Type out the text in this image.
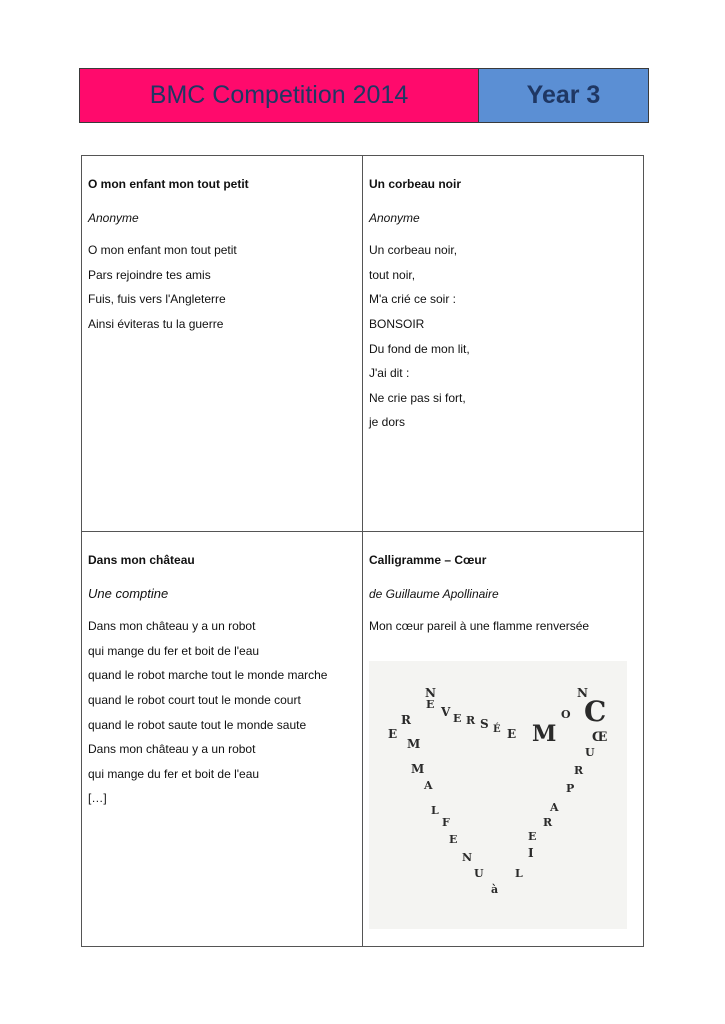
BMC Competition 2014	Year 3

O mon enfant mon tout petit

Anonyme

O mon enfant mon tout petit

Pars rejoindre tes amis

Fuis, fuis vers l'Angleterre

Ainsi éviteras tu la guerre

Un corbeau noir

Anonyme

Un corbeau noir,

tout noir,

M'a crié ce soir :

BONSOIR

Du fond de mon lit,

J'ai dit :

Ne crie pas si fort,

je dors

Dans mon château

Une comptine

Dans mon château y a un robot

qui mange du fer et boit de l'eau

quand le robot marche tout le monde marche

quand le robot court tout le monde court

quand le robot saute tout le monde saute

Dans mon château y a un robot

qui mange du fer et boit de l'eau

[…]

Calligramme – Cœur

de Guillaume Apollinaire

Mon cœur pareil à une flamme renversée

N
E
V E R S É E M
R
E
M
M
A
L
F
E
N
U
à
L
I
E
R
A
P
R
U
Œ
C
O
N
